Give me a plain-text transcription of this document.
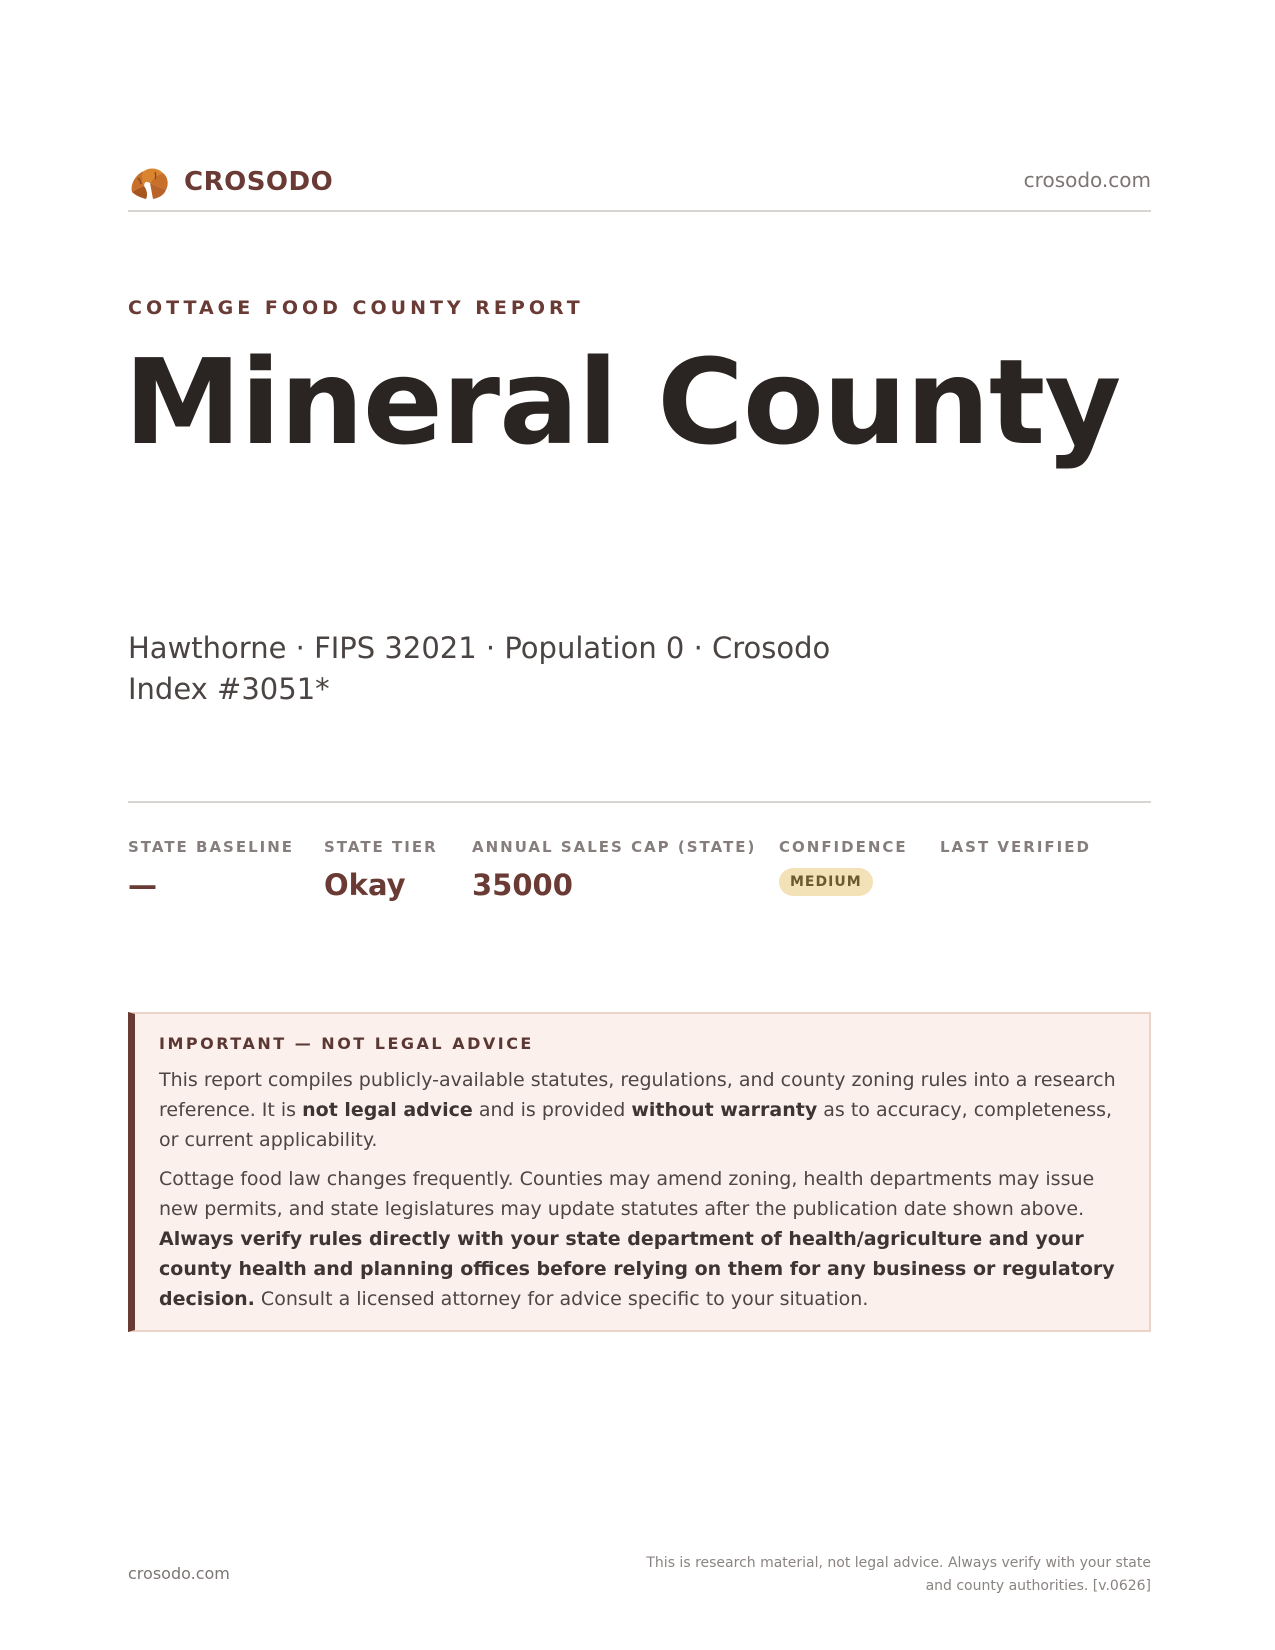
CROSODO	crosodo.com
COTTAGE FOOD COUNTY REPORT
Mineral County
Hawthorne · FIPS 32021 · Population 0 · Crosodo Index #3051*
STATE BASELINE
—
STATE TIER
Okay
ANNUAL SALES CAP (STATE)
35000
CONFIDENCE
MEDIUM
LAST VERIFIED
IMPORTANT — NOT LEGAL ADVICE

This report compiles publicly-available statutes, regulations, and county zoning rules into a research reference. It is not legal advice and is provided without warranty as to accuracy, completeness, or current applicability.

Cottage food law changes frequently. Counties may amend zoning, health departments may issue new permits, and state legislatures may update statutes after the publication date shown above. Always verify rules directly with your state department of health/agriculture and your county health and planning offices before relying on them for any business or regulatory decision. Consult a licensed attorney for advice specific to your situation.

crosodo.com
This is research material, not legal advice. Always verify with your state and county authorities. [v.0626]
